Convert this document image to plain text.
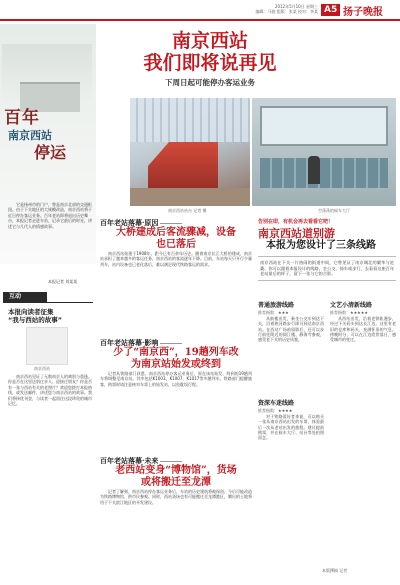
2012年5月10日 星期三
编辑：马骏 组版：张某 校对：李某 A5 扬子晚报
百年
南京西站
停运
它是扬州市的门户，曾是南京北部的交通枢纽。由于下关地区的大规模改造，南京西站将于近日停办客运业务。百年老站即将退出历史舞台，本报记者走进车站，记录它最后的时光，讲述它与几代人的情感故事。
本报记者 刘某某
互动
本报向读者征集
“我与西站的故事”
南京西站
南京西站见证了无数南京人的离别与重逢。你是否在这里送别过亲人、迎接过朋友？你是否有一张与西站有关的老照片？欢迎您拨打本报热线，或发送邮件，讲述您与南京西站的故事。我们将择优刊登，与读者一起留住这段珍贵的城市记忆。
南京西站
我们即将说再见
下周日起可能停办客运业务
南京西站站台 记者 摄	空荡荡的候车大厅
百年老站落幕·原因
大桥建成后客流骤减，设备
也已落后
南京西站始建于1908年，距今已有百余年历史。随着南京长江大桥的建成，南京站承担了越来越多的客运任务，南京西站的客流逐年下降。目前，车站每天只开行少量列车，站内设备也已老化落后，难以满足现代铁路客运的需求。
百年老站落幕·影响
少了“南京西”，19趟列车改
为南京站始发或终到
记者从铁路部门获悉，南京西站停办客运业务后，原在该站始发、终到的19趟列车将调整至南京站。其中包括K1003、K1007、K1017等多趟列车。铁路部门提醒旅客，购票时请注意核对车票上的始发站，以免耽误行程。
百年老站落幕·未来
老西站变身“博物馆”，货场
或将搬迁至龙潭
记者了解到，南京西站停办客运业务后，车站的历史建筑将被保留，今后可能改造为铁路博物馆，供市民参观。同时，西站货场也有可能搬迁至龙潭港区，腾出的土地将用于下关滨江地区的开发建设。
告别在即，有机会再去看看它吧！
南京西站道别游
本报为您设计了三条线路
南京西站在下关一片热闹的街道中间，它曾见证了南京城北的繁华与沧桑。你可以跟着本报设计的线路，坐公交、骑车或步行，去看看这座百年老站最后的样子，留下一张与它的合影。
普通旅游线路
推荐指数：★★★
从鼓楼出发，乘坐公交车到达下关，沿着热河路步行即可到达南京西站。在西站广场前留影后，还可以步行前往附近的阅江楼、静海寺参观，感受老下关的历史风貌。
资深车迷线路
推荐指数：★★★★
对于铁路爱好者来说，可以购买一张从南京西站出发的车票，体验最后一次从老站出发的旅程。建议提前购票，并在候车大厅、站台等处拍照留念。
文艺小清新线路
推荐指数：★★★★★
从西站出发，沿着老铁轨漫步，经过下关码头到达长江边。这里有老旧的仓库和码头，充满怀旧的气息。傍晚时分，可以在江边欣赏落日，感受城市的变迁。
本版撰稿 记者
